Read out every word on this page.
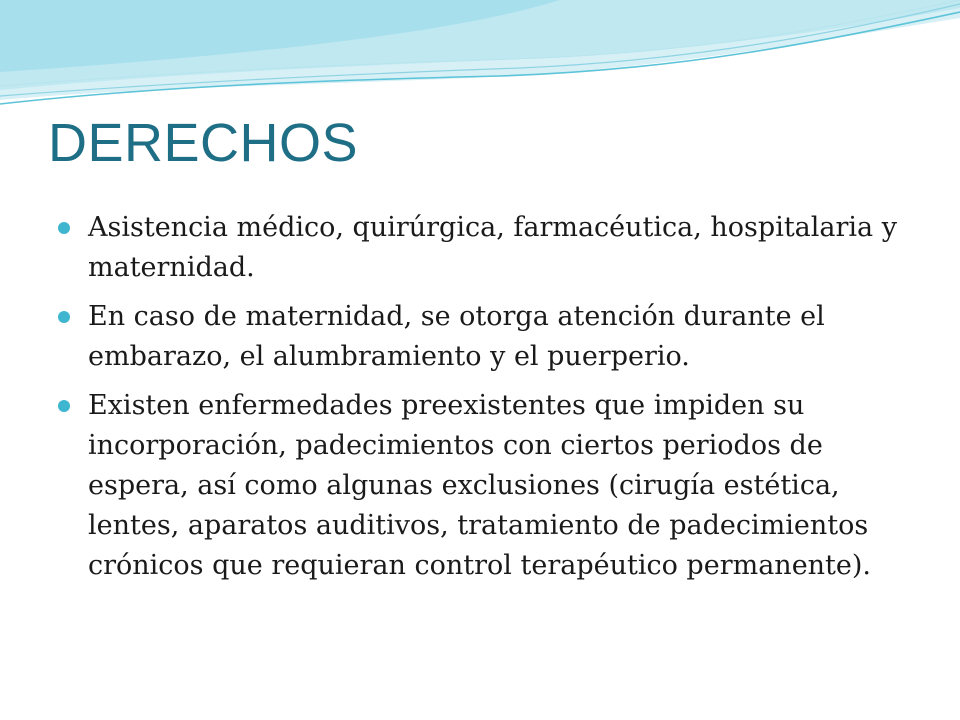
DERECHOS
Asistencia médico, quirúrgica, farmacéutica, hospitalaria y maternidad.
En caso de maternidad, se otorga atención durante el embarazo, el alumbramiento y el puerperio.
Existen enfermedades preexistentes que impiden su incorporación, padecimientos con ciertos periodos de espera, así como algunas exclusiones (cirugía estética, lentes, aparatos auditivos, tratamiento de padecimientos crónicos que requieran control terapéutico permanente).
